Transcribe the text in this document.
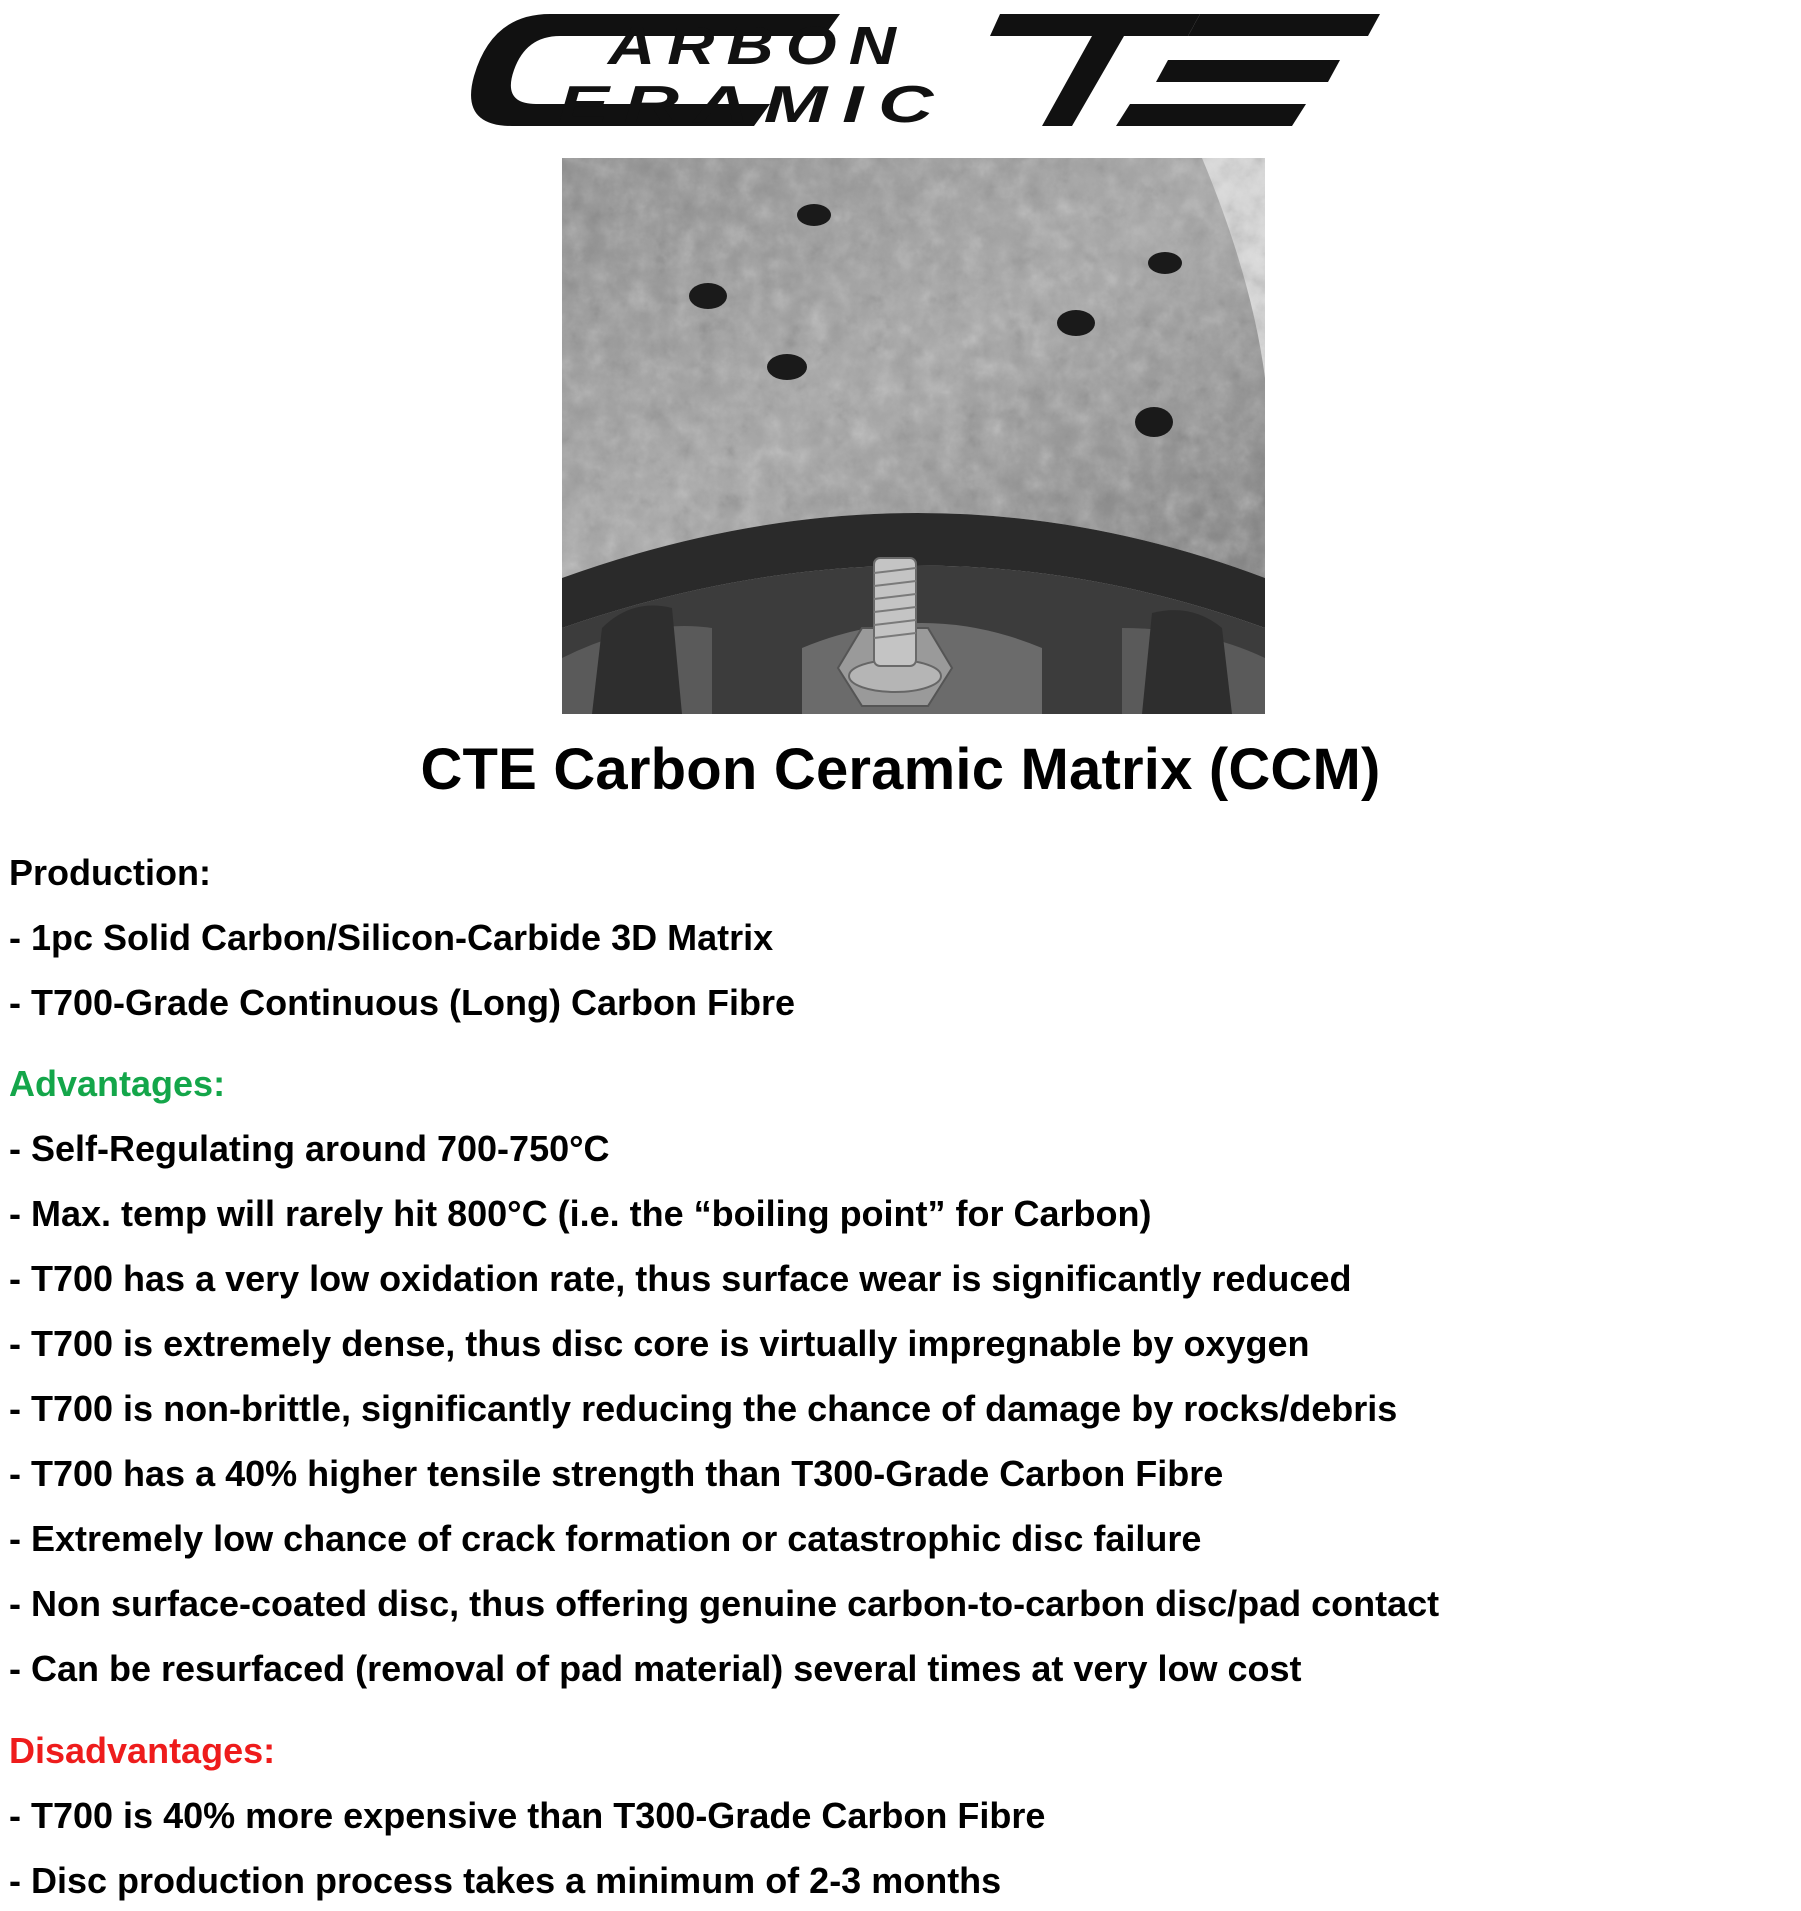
ARBON
ERAMIC
CTE Carbon Ceramic Matrix (CCM)
Production:
- 1pc Solid Carbon/Silicon-Carbide 3D Matrix
- T700-Grade Continuous (Long) Carbon Fibre
Advantages:
- Self-Regulating around 700-750°C
- Max. temp will rarely hit 800°C (i.e. the “boiling point” for Carbon)
- T700 has a very low oxidation rate, thus surface wear is significantly reduced
- T700 is extremely dense, thus disc core is virtually impregnable by oxygen
- T700 is non-brittle, significantly reducing the chance of damage by rocks/debris
- T700 has a 40% higher tensile strength than T300-Grade Carbon Fibre
- Extremely low chance of crack formation or catastrophic disc failure
- Non surface-coated disc, thus offering genuine carbon-to-carbon disc/pad contact
- Can be resurfaced (removal of pad material) several times at very low cost
Disadvantages:
- T700 is 40% more expensive than T300-Grade Carbon Fibre
- Disc production process takes a minimum of 2-3 months
